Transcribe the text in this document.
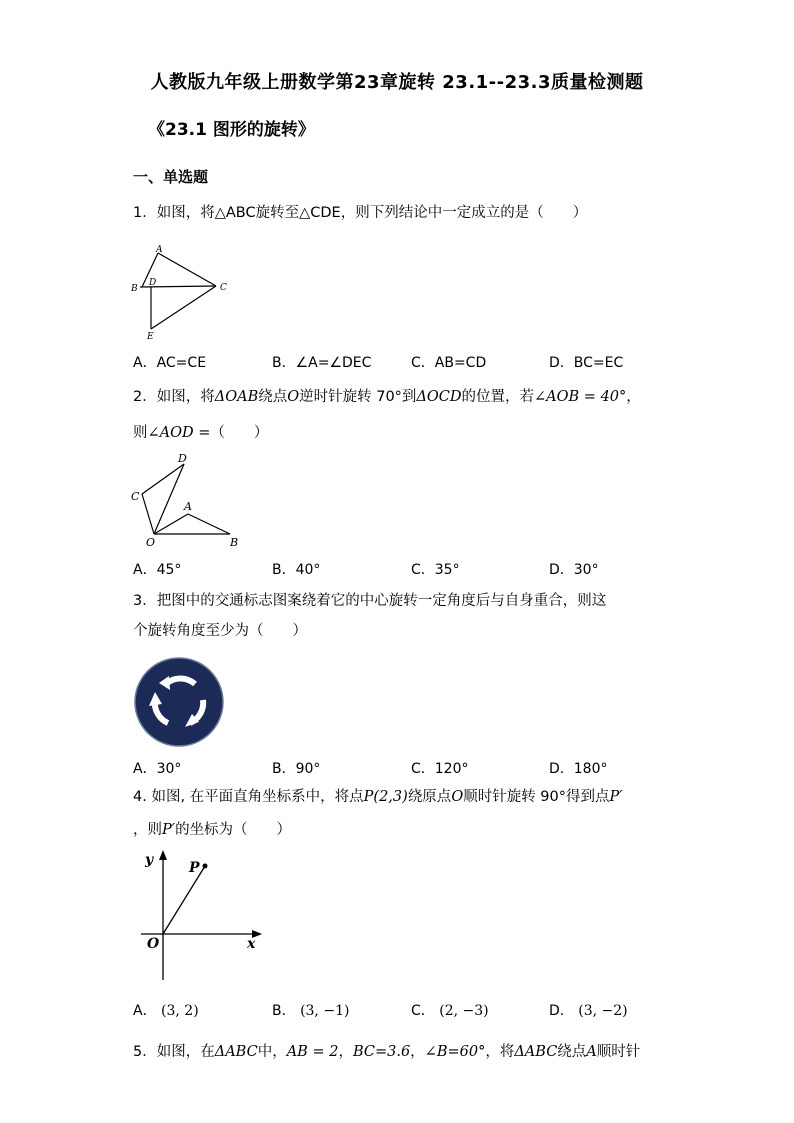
人教版九年级上册数学第23章旋转 23.1--23.3质量检测题
《23.1 图形的旋转》
一、单选题
1．如图，将△ABC旋转至△CDE，则下列结论中一定成立的是（　　）
A
B
D	C
E
A．AC=CE	B．∠A=∠DEC	C．AB=CD	D．BC=EC
2．如图，将ΔOAB绕点O逆时针旋转 70°到ΔOCD的位置，若∠AOB = 40°，
则∠AOD =（　　）
D
C
A
O	B
A．45°	B．40°	C．35°	D．30°
3．把图中的交通标志图案绕着它的中心旋转一定角度后与自身重合，则这
个旋转角度至少为（　　）
A．30°	B．90°	C．120°	D．180°
4. 如图, 在平面直角坐标系中，将点P(2,3)绕原点O顺时针旋转 90°得到点P′
，则P′的坐标为（　　）
y
x
O
P
A． (3, 2)	B． (3, −1)	C． (2, −3)	D． (3, −2)
5．如图，在ΔABC中，AB = 2，BC=3.6，∠B=60°，将ΔABC绕点A顺时针
